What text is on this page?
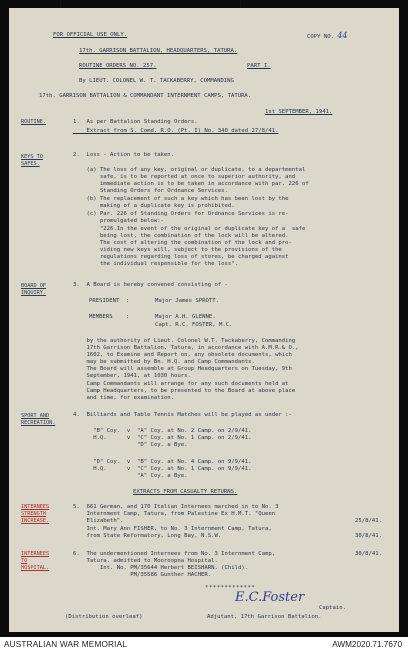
FOR OFFICIAL USE ONLY.	COPY NO. 44
17th. GARRISON BATTALION, HEADQUARTERS, TATURA.
ROUTINE ORDERS NO. 257.	PART I.
By LIEUT. COLONEL W. T. TACKABERRY, COMMANDING
17th. GARRISON BATTALION & COMMANDANT INTERNMENT CAMPS, TATURA.
1st SEPTEMBER, 1941.
ROUTINE.	1.  As per Battalion Standing Orders.
Extract from S. Comd. R.O. (Pt. I) No. 340 dated 27/8/41.
KEYS TO
SAFES.
2.  Loss - Action to be taken.
(a) The loss of any key, original or duplicate, to a departmental
safe, is to be reported at once to superior authority, and
immediate action is to be taken in accordance with par. 226 of
Standing Orders for Ordnance Services.
(b) The replacement of such a key which has been lost by the
making of a duplicate key is prohibited.
(c) Par. 226 of Standing Orders for Ordnance Services is re-
promulgated below:-
"226.In the event of the original or duplicate key of a  safe
being lost, the combination of the lock will be altered.
The cost of altering the combination of the lock and pro-
viding new keys will, subject to the provisions of the
regulations regarding loss of stores, be charged against
the individual responsible for the loss".
BOARD OF
INQUIRY.
3.  A Board is hereby convened consisting of -
PRESIDENT  :	Major James SPROTT.
MEMBERS    :	Major A.H. GLENNE.
Capt. R.C. FOSTER, M.C.
by the authority of Lieut. Colonel W.T. Tackaberry, Commanding
17th Garrison Battalion, Tatura, in accordance with A.M.R.& O.,
1602, to Examine and Report on, any obsolete documents, which
may be submitted by Bn. H.Q. and Camp Commandants.
The Board will assemble at Group Headquarters on Tuesday, 9th
September, 1941, at 1030 hours.
Camp Commandants will arrange for any such documents held at
Camp Headquarters, to be presented to the Board at above place
and time, for examination.
SPORT AND
RECREATION.
4.  Billiards and Table Tennis Matches will be played as under :-
"B" Coy.  v  "A" Coy. at No. 2 Camp. on 2/9/41.
H.Q.      v  "C" Coy. at No. 1 Camp. on 2/9/41.
"D" Coy. a Bye.
"D" Coy.  v  "B" Coy. at No. 4 Camp. on 9/9/41.
H.Q.      v  "C" Coy. at No. 1 Camp. on 9/9/41.
"A" Coy. a Bye.
EXTRACTS FROM CASUALTY RETURNS.
INTERNEES
STRENGTH
INCREASE.
5.  661 German, and 170 Italian Internees marched in to No. 3
Internment Camp, Tatura, from Palestine Ex H.M.T. "Queen
Elizabeth".	25/8/41.
Int. Mary Ann FISHER, to No. 3 Internment Camp, Tatura,
from State Reformatory, Long Bay, N.S.W.	30/8/41.
INTERNEES
TO
HOSPITAL.
6.  The undermentioned Internees from No. 3 Internment Camp,	30/8/41.
Tatura. admitted to Mooroopna Hospital.
Int. No. PM/35644 Herbert BEISHARN. (Child).
PM/35586 Gunther HACHER.
*************
E.C.Foster
Captain.
Adjutant, 17th Garrison Battalion.
(Distribution overleaf)
AUSTRALIAN WAR MEMORIAL	AWM2020.71.7670
